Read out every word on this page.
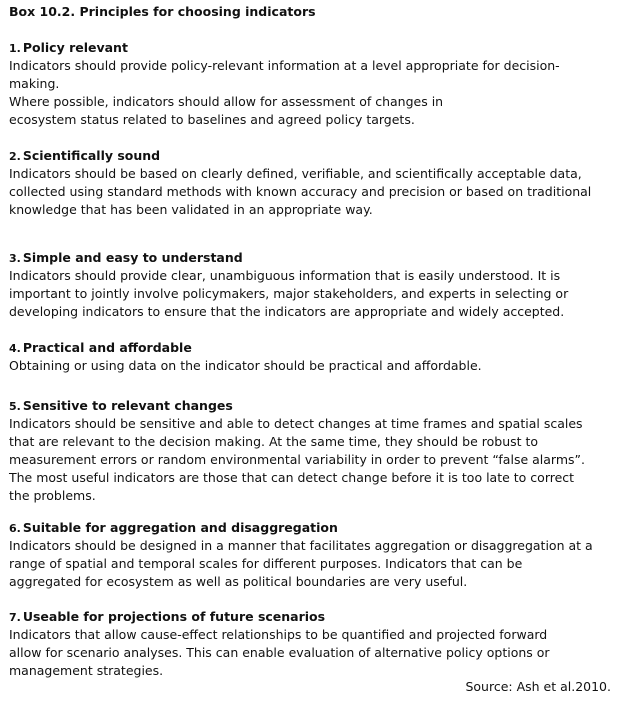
Box 10.2. Principles for choosing indicators
1. Policy relevant
Indicators should provide policy-relevant information at a level appropriate for decision-
making.
Where possible, indicators should allow for assessment of changes in
ecosystem status related to baselines and agreed policy targets.
2. Scientifically sound
Indicators should be based on clearly defined, verifiable, and scientifically acceptable data,
collected using standard methods with known accuracy and precision or based on traditional
knowledge that has been validated in an appropriate way.
3. Simple and easy to understand
Indicators should provide clear, unambiguous information that is easily understood. It is
important to jointly involve policymakers, major stakeholders, and experts in selecting or
developing indicators to ensure that the indicators are appropriate and widely accepted.
4. Practical and affordable
Obtaining or using data on the indicator should be practical and affordable.
5. Sensitive to relevant changes
Indicators should be sensitive and able to detect changes at time frames and spatial scales
that are relevant to the decision making. At the same time, they should be robust to
measurement errors or random environmental variability in order to prevent “false alarms”.
The most useful indicators are those that can detect change before it is too late to correct
the problems.
6. Suitable for aggregation and disaggregation
Indicators should be designed in a manner that facilitates aggregation or disaggregation at a
range of spatial and temporal scales for different purposes. Indicators that can be
aggregated for ecosystem as well as political boundaries are very useful.
7. Useable for projections of future scenarios
Indicators that allow cause-effect relationships to be quantified and projected forward
allow for scenario analyses. This can enable evaluation of alternative policy options or
management strategies.
Source: Ash et al.2010.
